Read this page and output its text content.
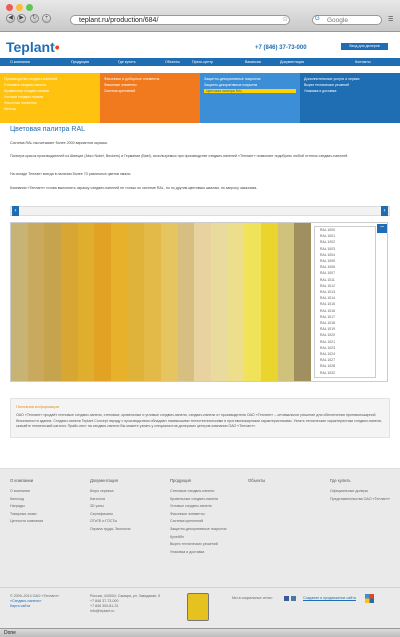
◀	▶	↻	+	teplant.ru/production/684/	☆	Google
G	☰
Teplant•	+7 (846) 37-73-000	Вход для дилеров
О компании	Продукция	Где купить	Объекты	Пресс-центр	Вакансии	Документация	Контакты
Производство сэндвич-панелей
Стеновые сэндвич-панели
Кровельные сэндвич-панели
Угловые сэндвич-панели
Фасонные элементы
Метизы
Фасонные и доборные элементы
Фасонные элементы
Система креплений
Защитно-декоративные покрытия
Защитно-декоративные покрытия
Цветовая палитра RAL
Дополнительные услуги и сервис
Вырез технических решений
Упаковка и доставка
Цветовая палитра RAL
Система RAL насчитывает более 2000 вариантов окраски.
Палитра красок производителей из Швеции (Akzo Nobel, Beckers) и Германии (Basf), используемых при производстве сэндвич-панелей «Теплант» позволяет подобрать любой оттенок сэндвич-панелей.
На складе Теплант всегда в наличии более 70 различных цветов эмали.
Компания «Теплант» готова выполнить окраску сэндвич-панелей не только по системе RAL, но по другим цветовым шкалам, по запросу заказчика.
‹	›
RAL 1000
RAL 1001
RAL 1002
RAL 1003
RAL 1004
RAL 1005
RAL 1006
RAL 1007
RAL 1011
RAL 1012
RAL 1013
RAL 1014
RAL 1015
RAL 1016
RAL 1017
RAL 1018
RAL 1019
RAL 1020
RAL 1021
RAL 1023
RAL 1024
RAL 1027
RAL 1028
RAL 1032
−
Полезная информация
ОАО «Теплант» продаёт стеновые сэндвич-панели, стеновые, кровельные и угловые сэндвич-панели, сэндвич-панели от производителя ОАО «Теплант» – оптимальное решение для обеспечения противопожарной безопасности здания. Сэндвич-панели Teplant Concept наряду с производством обладают наивысшими теплотехническими и противопожарными характеристиками. Узнать технические характеристики сэндвич-панели, скачайте технический каталог. Прайс-лист на сэндвич-панели Вы можете узнать у специалистов дилерских центров компании ОАО «Теплант».
О компании
О компании
Киноход
Награды
Товарные знаки
Ценности компании
Документация
Бюро сервиса
Каталоги
3D узлы
Сертификаты
ОТиТБ и ГОСТы
Охрана труда, Экология
Продукция
Стеновые сэндвич-панели
Кровельные сэндвич-панели
Угловые сэндвич-панели
Фасонные элементы
Система креплений
Защитно-декоративные покрытия
Кулейбл
Вырез технических решений
Упаковка и доставка
Объекты	Где купить
Официальные дилеры
Представительства ОАО «Теплант»
© 2009–2014 ОАО «Теплант»
«Сэндвич-панели»
Карта сайта
Россия, 443004, Самара, ул. Заводская, 5
+7 846 37-73-000
+7 846 300-81-31
info@teplant.ru
Мы в социальных сетях:	Создание и продвижение сайта
Done
